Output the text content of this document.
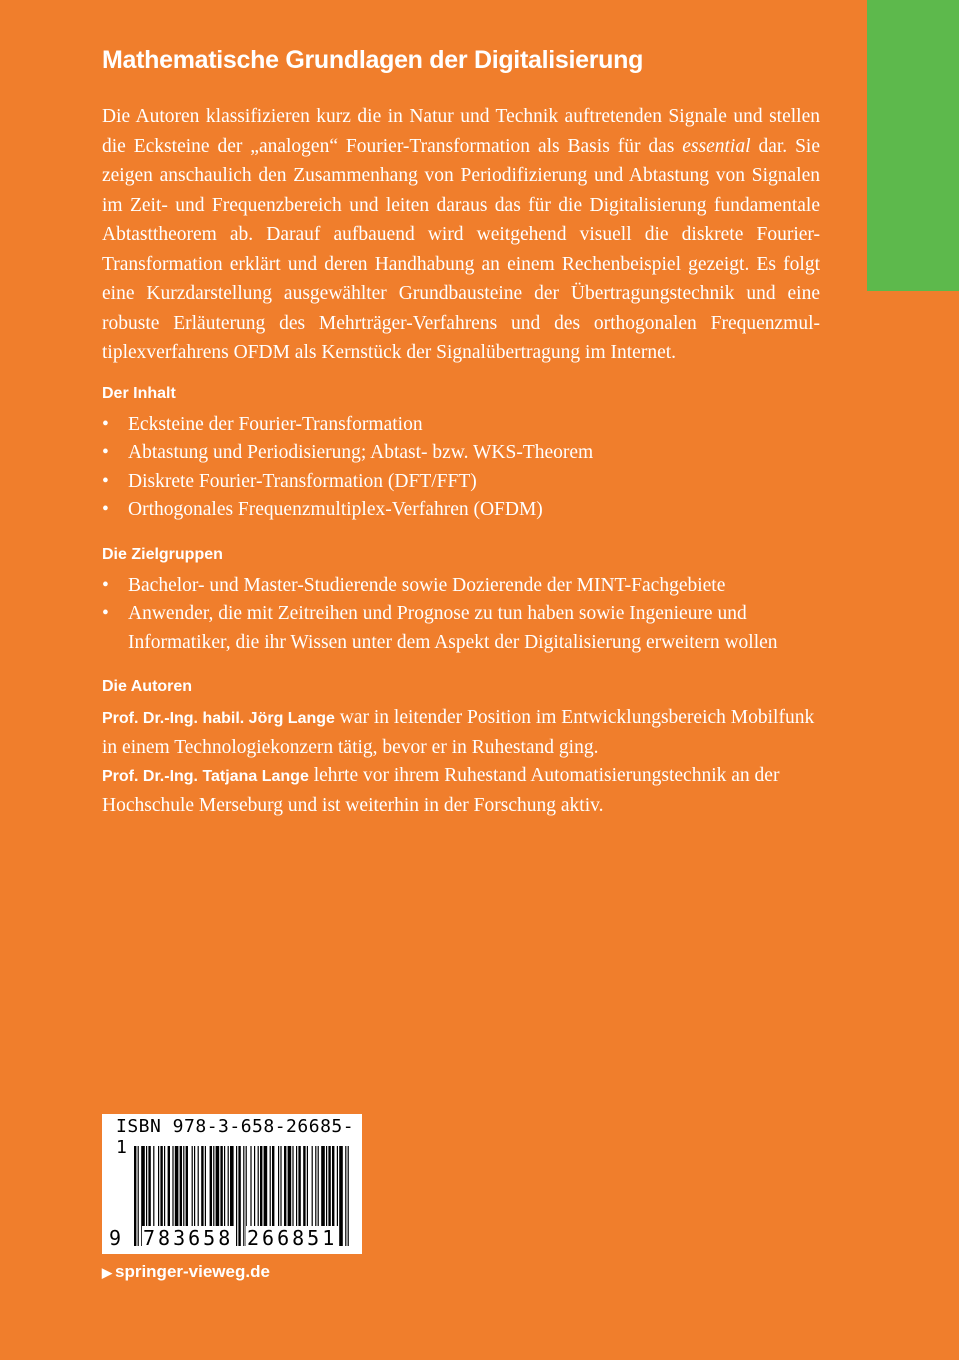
Mathematische Grundlagen der Digitalisierung

Die Autoren klassifizieren kurz die in Natur und Technik auftretenden Signale und stellen die Ecksteine der „analogen“ Fourier-Transformation als Basis für das essential dar. Sie zeigen anschaulich den Zusammenhang von Periodifizierung und Abtastung von Signalen im Zeit- und Frequenzbereich und leiten daraus das für die Digitalisierung fundamentale Abtasttheorem ab. Darauf aufbauend wird weitgehend visuell die diskrete Fourier-Transformation erklärt und deren Handhabung an einem Rechenbeispiel gezeigt. Es folgt eine Kurzdarstellung ausgewählter Grundbausteine der Übertragungstechnik und eine robuste Erläuterung des Mehrträger-Verfahrens und des orthogonalen Frequenzmultiplexverfahrens OFDM als Kernstück der Signalübertragung im Internet.

Der Inhalt
• Ecksteine der Fourier-Transformation
• Abtastung und Periodisierung; Abtast- bzw. WKS-Theorem
• Diskrete Fourier-Transformation (DFT/FFT)
• Orthogonales Frequenzmultiplex-Verfahren (OFDM)
Die Zielgruppen
• Bachelor- und Master-Studierende sowie Dozierende der MINT-Fachgebiete
• Anwender, die mit Zeitreihen und Prognose zu tun haben sowie Ingenieure und Informatiker, die ihr Wissen unter dem Aspekt der Digitalisierung erweitern wollen
Die Autoren

Prof. Dr.-Ing. habil. Jörg Lange war in leitender Position im Entwicklungsbereich Mobilfunk in einem Technologiekonzern tätig, bevor er in Ruhestand ging.

Prof. Dr.-Ing. Tatjana Lange lehrte vor ihrem Ruhestand Automatisierungstechnik an der Hochschule Merseburg und ist weiterhin in der Forschung aktiv.

ISBN 978-3-658-26685-1
9 783658 266851
▶ springer-vieweg.de
